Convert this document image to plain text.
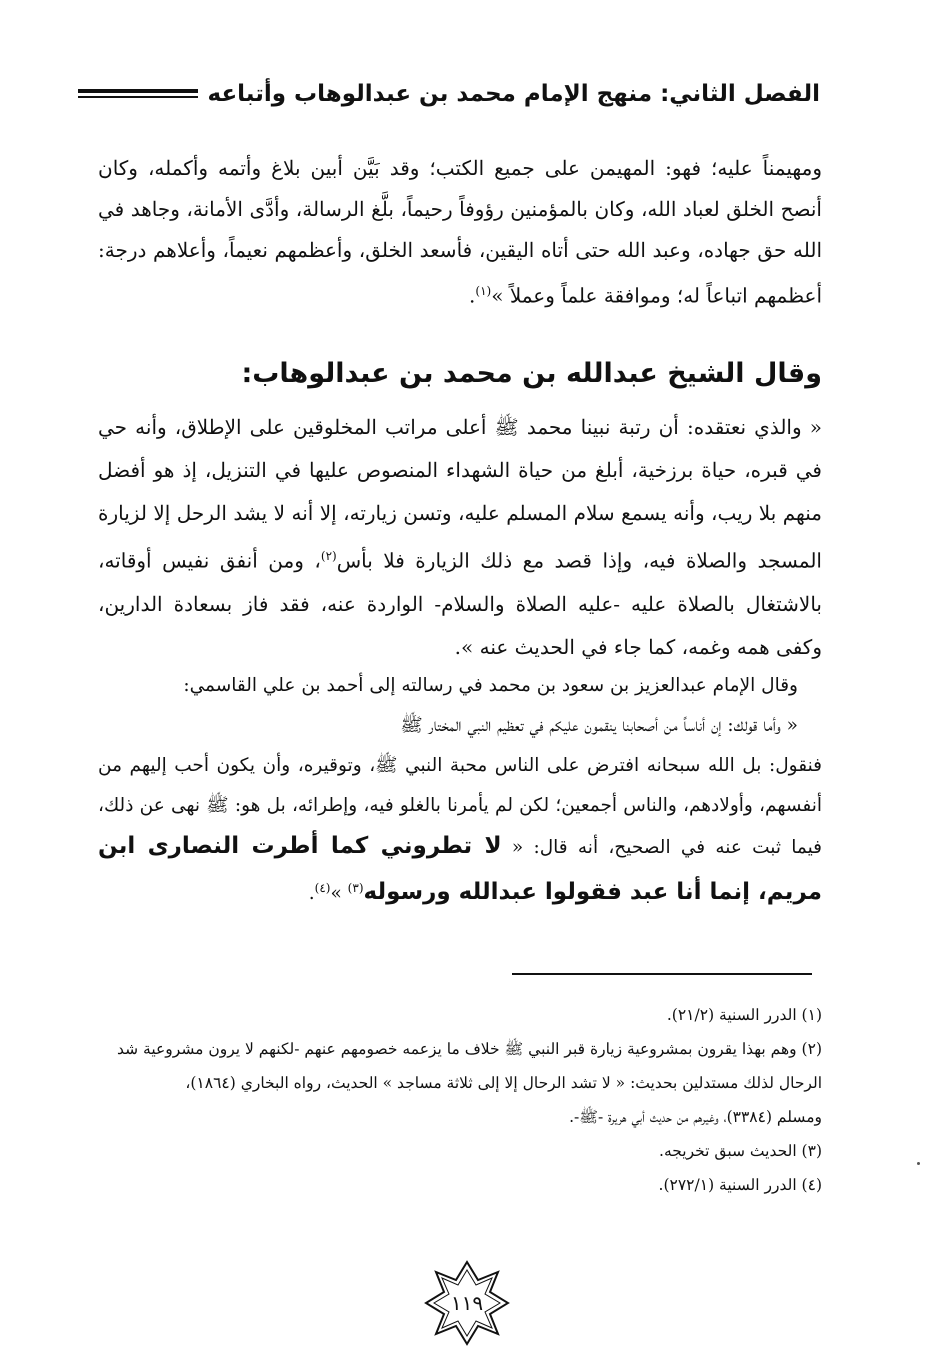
الفصل الثاني: منهج الإمام محمد بن عبدالوهاب وأتباعه
ومهيمناً عليه؛ فهو: المهيمن على جميع الكتب؛ وقد بَيَّن أبين بلاغ وأتمه وأكمله، وكان أنصح الخلق لعباد الله، وكان بالمؤمنين رؤوفاً رحيماً، بلَّغ الرسالة، وأدَّى الأمانة، وجاهد في الله حق جهاده، وعبد الله حتى أتاه اليقين، فأسعد الخلق، وأعظمهم نعيماً، وأعلاهم درجة: أعظمهم اتباعاً له؛ وموافقة علماً وعملاً »$^{(١)}$.
وقال الشيخ عبدالله بن محمد بن عبدالوهاب:
« والذي نعتقده: أن رتبة نبينا محمد ﷺ أعلى مراتب المخلوقين على الإطلاق، وأنه حي في قبره، حياة برزخية، أبلغ من حياة الشهداء المنصوص عليها في التنزيل، إذ هو أفضل منهم بلا ريب، وأنه يسمع سلام المسلم عليه، وتسن زيارته، إلا أنه لا يشد الرحل إلا لزيارة المسجد والصلاة فيه، وإذا قصد مع ذلك الزيارة فلا بأس$^{(٢)}$، ومن أنفق نفيس أوقاته، بالاشتغال بالصلاة عليه -عليه الصلاة والسلام- الواردة عنه، فقد فاز بسعادة الدارين، وكفى همه وغمه، كما جاء في الحديث عنه ».
وقال الإمام عبدالعزيز بن سعود بن محمد في رسالته إلى أحمد بن علي القاسمي: « وأما قولك: إن أناساً من أصحابنا ينقمون عليكم في تعظيم النبي المختار ﷺ
فنقول: بل الله سبحانه افترض على الناس محبة النبي ﷺ، وتوقيره، وأن يكون أحب إليهم من أنفسهم، وأولادهم، والناس أجمعين؛ لكن لم يأمرنا بالغلو فيه، وإطرائه، بل هو: ﷺ نهى عن ذلك، فيما ثبت عنه في الصحيح، أنه قال: « لا تطروني كما أطرت النصارى ابن مريم، إنما أنا عبد فقولوا عبدالله ورسوله$^{(٣)}$ »$^{(٤)}$.
(١) الدرر السنية (٢١/٢).
(٢) وهم بهذا يقرون بمشروعية زيارة قبر النبي ﷺ خلاف ما يزعمه خصومهم عنهم -لكنهم لا يرون مشروعية شد
الرحال لذلك مستدلين بحديث: « لا تشد الرحال إلا إلى ثلاثة مساجد » الحديث، رواه البخاري (١٨٦٤)،
ومسلم (٣٣٨٤)، وغيرهم من حديث أبي هريرة -ﷺ-.
(٣) الحديث سبق تخريجه.
(٤) الدرر السنية (٢٧٢/١).
١١٩
